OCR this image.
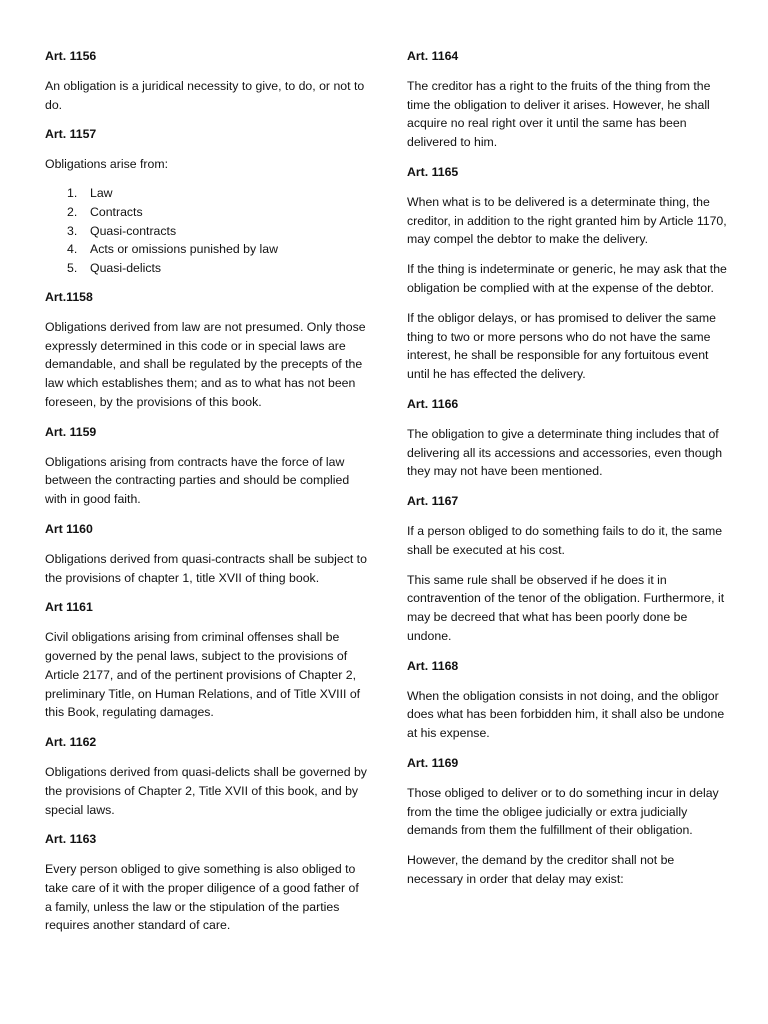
Art. 1156
An obligation is a juridical necessity to give, to do, or not to do.
Art. 1157
Obligations arise from:
1.	Law
2.	Contracts
3.	Quasi-contracts
4.	Acts or omissions punished by law
5.	Quasi-delicts
Art.1158
Obligations derived from law are not presumed. Only those expressly determined in this code or in special laws are demandable, and shall be regulated by the precepts of the law which establishes them; and as to what has not been foreseen, by the provisions of this book.
Art. 1159
Obligations arising from contracts have the force of law between the contracting parties and should be complied with in good faith.
Art 1160
Obligations derived from quasi-contracts shall be subject to the provisions of chapter 1, title XVII of thing book.
Art 1161
Civil obligations arising from criminal offenses shall be governed by the penal laws, subject to the provisions of Article 2177, and of the pertinent provisions of Chapter 2, preliminary Title, on Human Relations, and of Title XVIII of this Book, regulating damages.
Art. 1162
Obligations derived from quasi-delicts shall be governed by the provisions of Chapter 2, Title XVII of this book, and by special laws.
Art. 1163
Every person obliged to give something is also obliged to take care of it with the proper diligence of a good father of a family, unless the law or the stipulation of the parties requires another standard of care.
Art. 1164
The creditor has a right to the fruits of the thing from the time the obligation to deliver it arises. However, he shall acquire no real right over it until the same has been delivered to him.
Art. 1165
When what is to be delivered is a determinate thing, the creditor, in addition to the right granted him by Article 1170, may compel the debtor to make the delivery.
If the thing is indeterminate or generic, he may ask that the obligation be complied with at the expense of the debtor.
If the obligor delays, or has promised to deliver the same thing to two or more persons who do not have the same interest, he shall be responsible for any fortuitous event until he has effected the delivery.
Art. 1166
The obligation to give a determinate thing includes that of delivering all its accessions and accessories, even though they may not have been mentioned.
Art. 1167
If a person obliged to do something fails to do it, the same shall be executed at his cost.
This same rule shall be observed if he does it in contravention of the tenor of the obligation. Furthermore, it may be decreed that what has been poorly done be undone.
Art. 1168
When the obligation consists in not doing, and the obligor does what has been forbidden him, it shall also be undone at his expense.
Art. 1169
Those obliged to deliver or to do something incur in delay from the time the obligee judicially or extra judicially demands from them the fulfillment of their obligation.
However, the demand by the creditor shall not be necessary in order that delay may exist:
